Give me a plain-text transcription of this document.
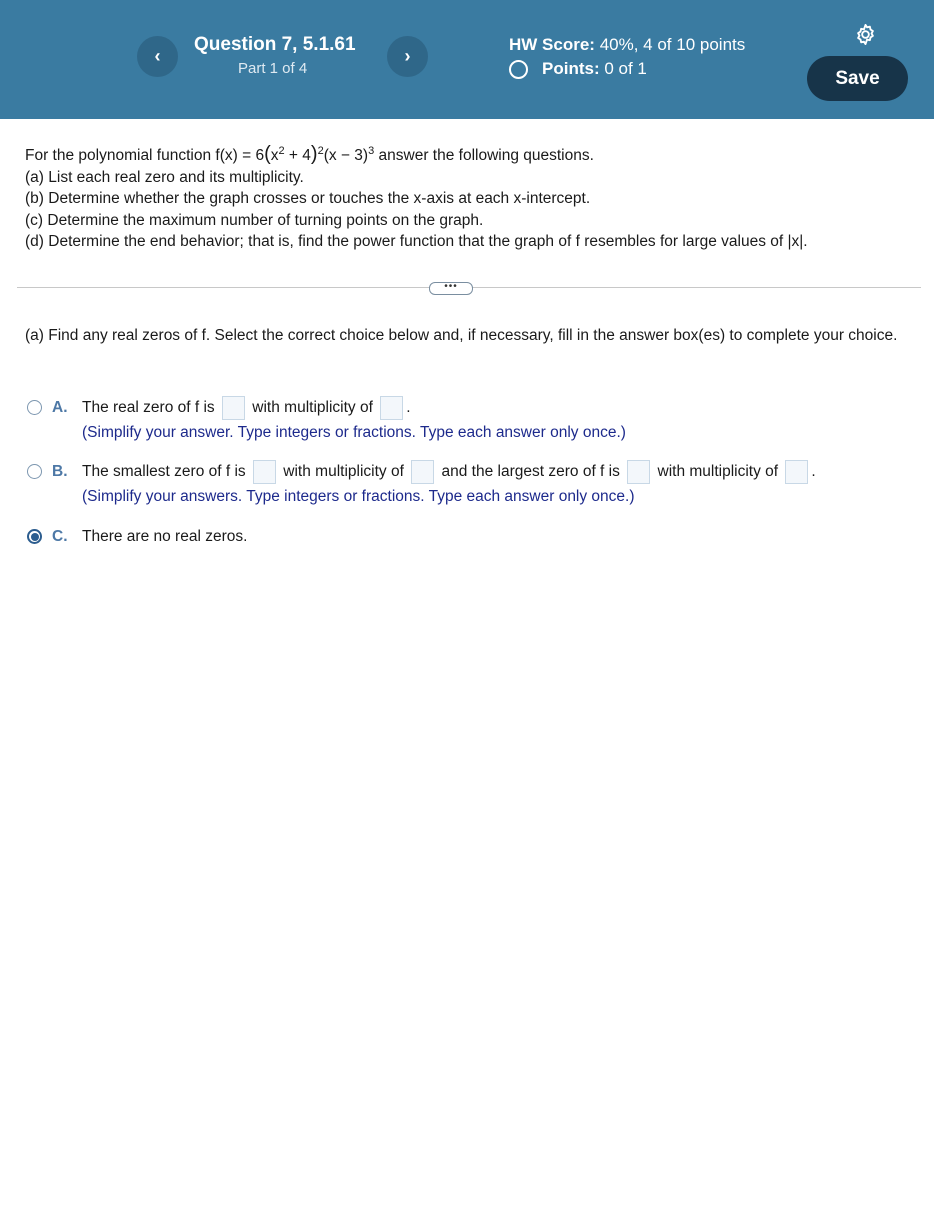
‹
Question 7, 5.1.61
Part 1 of 4
›
HW Score: 40%, 4 of 10 points
Points:
0 of 1	Save
For the polynomial function $f(x) = 6(x^2 + 4)^2(x - 3)^3$ answer the following questions.
(a) List each real zero and its multiplicity.
(b) Determine whether the graph crosses or touches the x-axis at each x-intercept.
(c) Determine the maximum number of turning points on the graph.
(d) Determine the end behavior; that is, find the power function that the graph of f resembles for large values of |x|.
•••
(a) Find any real zeros of f. Select the correct choice below and, if necessary, fill in the answer box(es) to complete your choice.
A. The real zero of f is with multiplicity of .
(Simplify your answer. Type integers or fractions. Type each answer only once.)
B. The smallest zero of f is with multiplicity of and the largest zero of f is with multiplicity of .
(Simplify your answers. Type integers or fractions. Type each answer only once.)
C. There are no real zeros.
